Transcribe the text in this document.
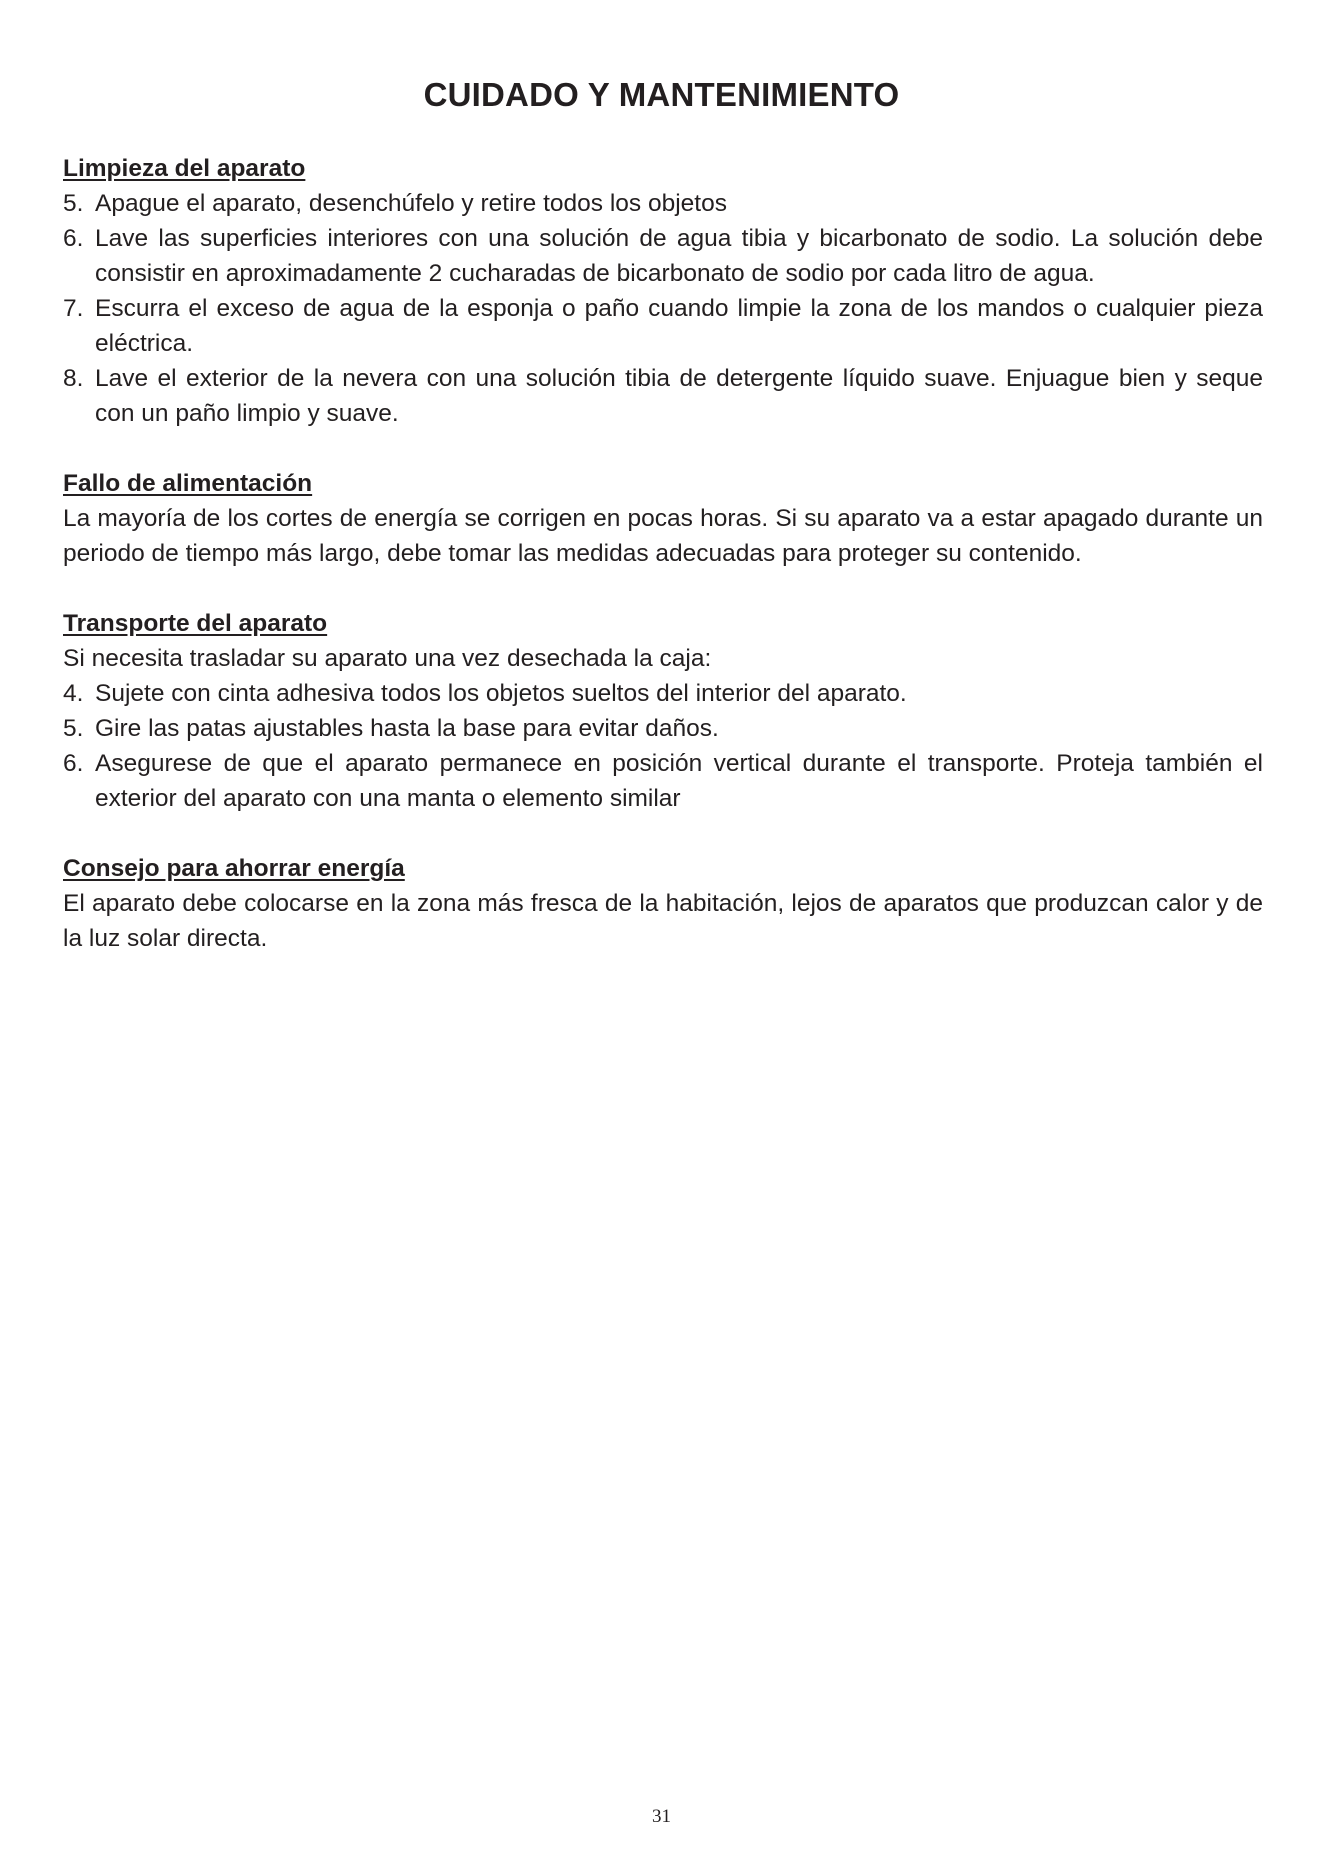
CUIDADO Y MANTENIMIENTO

Limpieza del aparato

5. Apague el aparato, desenchúfelo y retire todos los objetos
6. Lave las superficies interiores con una solución de agua tibia y bicarbonato de sodio. La solución debe consistir en aproximadamente 2 cucharadas de bicarbonato de sodio por cada litro de agua.
7. Escurra el exceso de agua de la esponja o paño cuando limpie la zona de los mandos o cualquier pieza eléctrica.
8. Lave el exterior de la nevera con una solución tibia de detergente líquido suave. Enjuague bien y seque con un paño limpio y suave.

Fallo de alimentación

La mayoría de los cortes de energía se corrigen en pocas horas. Si su aparato va a estar apagado durante un periodo de tiempo más largo, debe tomar las medidas adecuadas para proteger su contenido.

Transporte del aparato

Si necesita trasladar su aparato una vez desechada la caja:

4. Sujete con cinta adhesiva todos los objetos sueltos del interior del aparato.
5. Gire las patas ajustables hasta la base para evitar daños.
6. Asegurese de que el aparato permanece en posición vertical durante el transporte. Proteja también el exterior del aparato con una manta o elemento similar

Consejo para ahorrar energía

El aparato debe colocarse en la zona más fresca de la habitación, lejos de aparatos que produzcan calor y de la luz solar directa.

31
